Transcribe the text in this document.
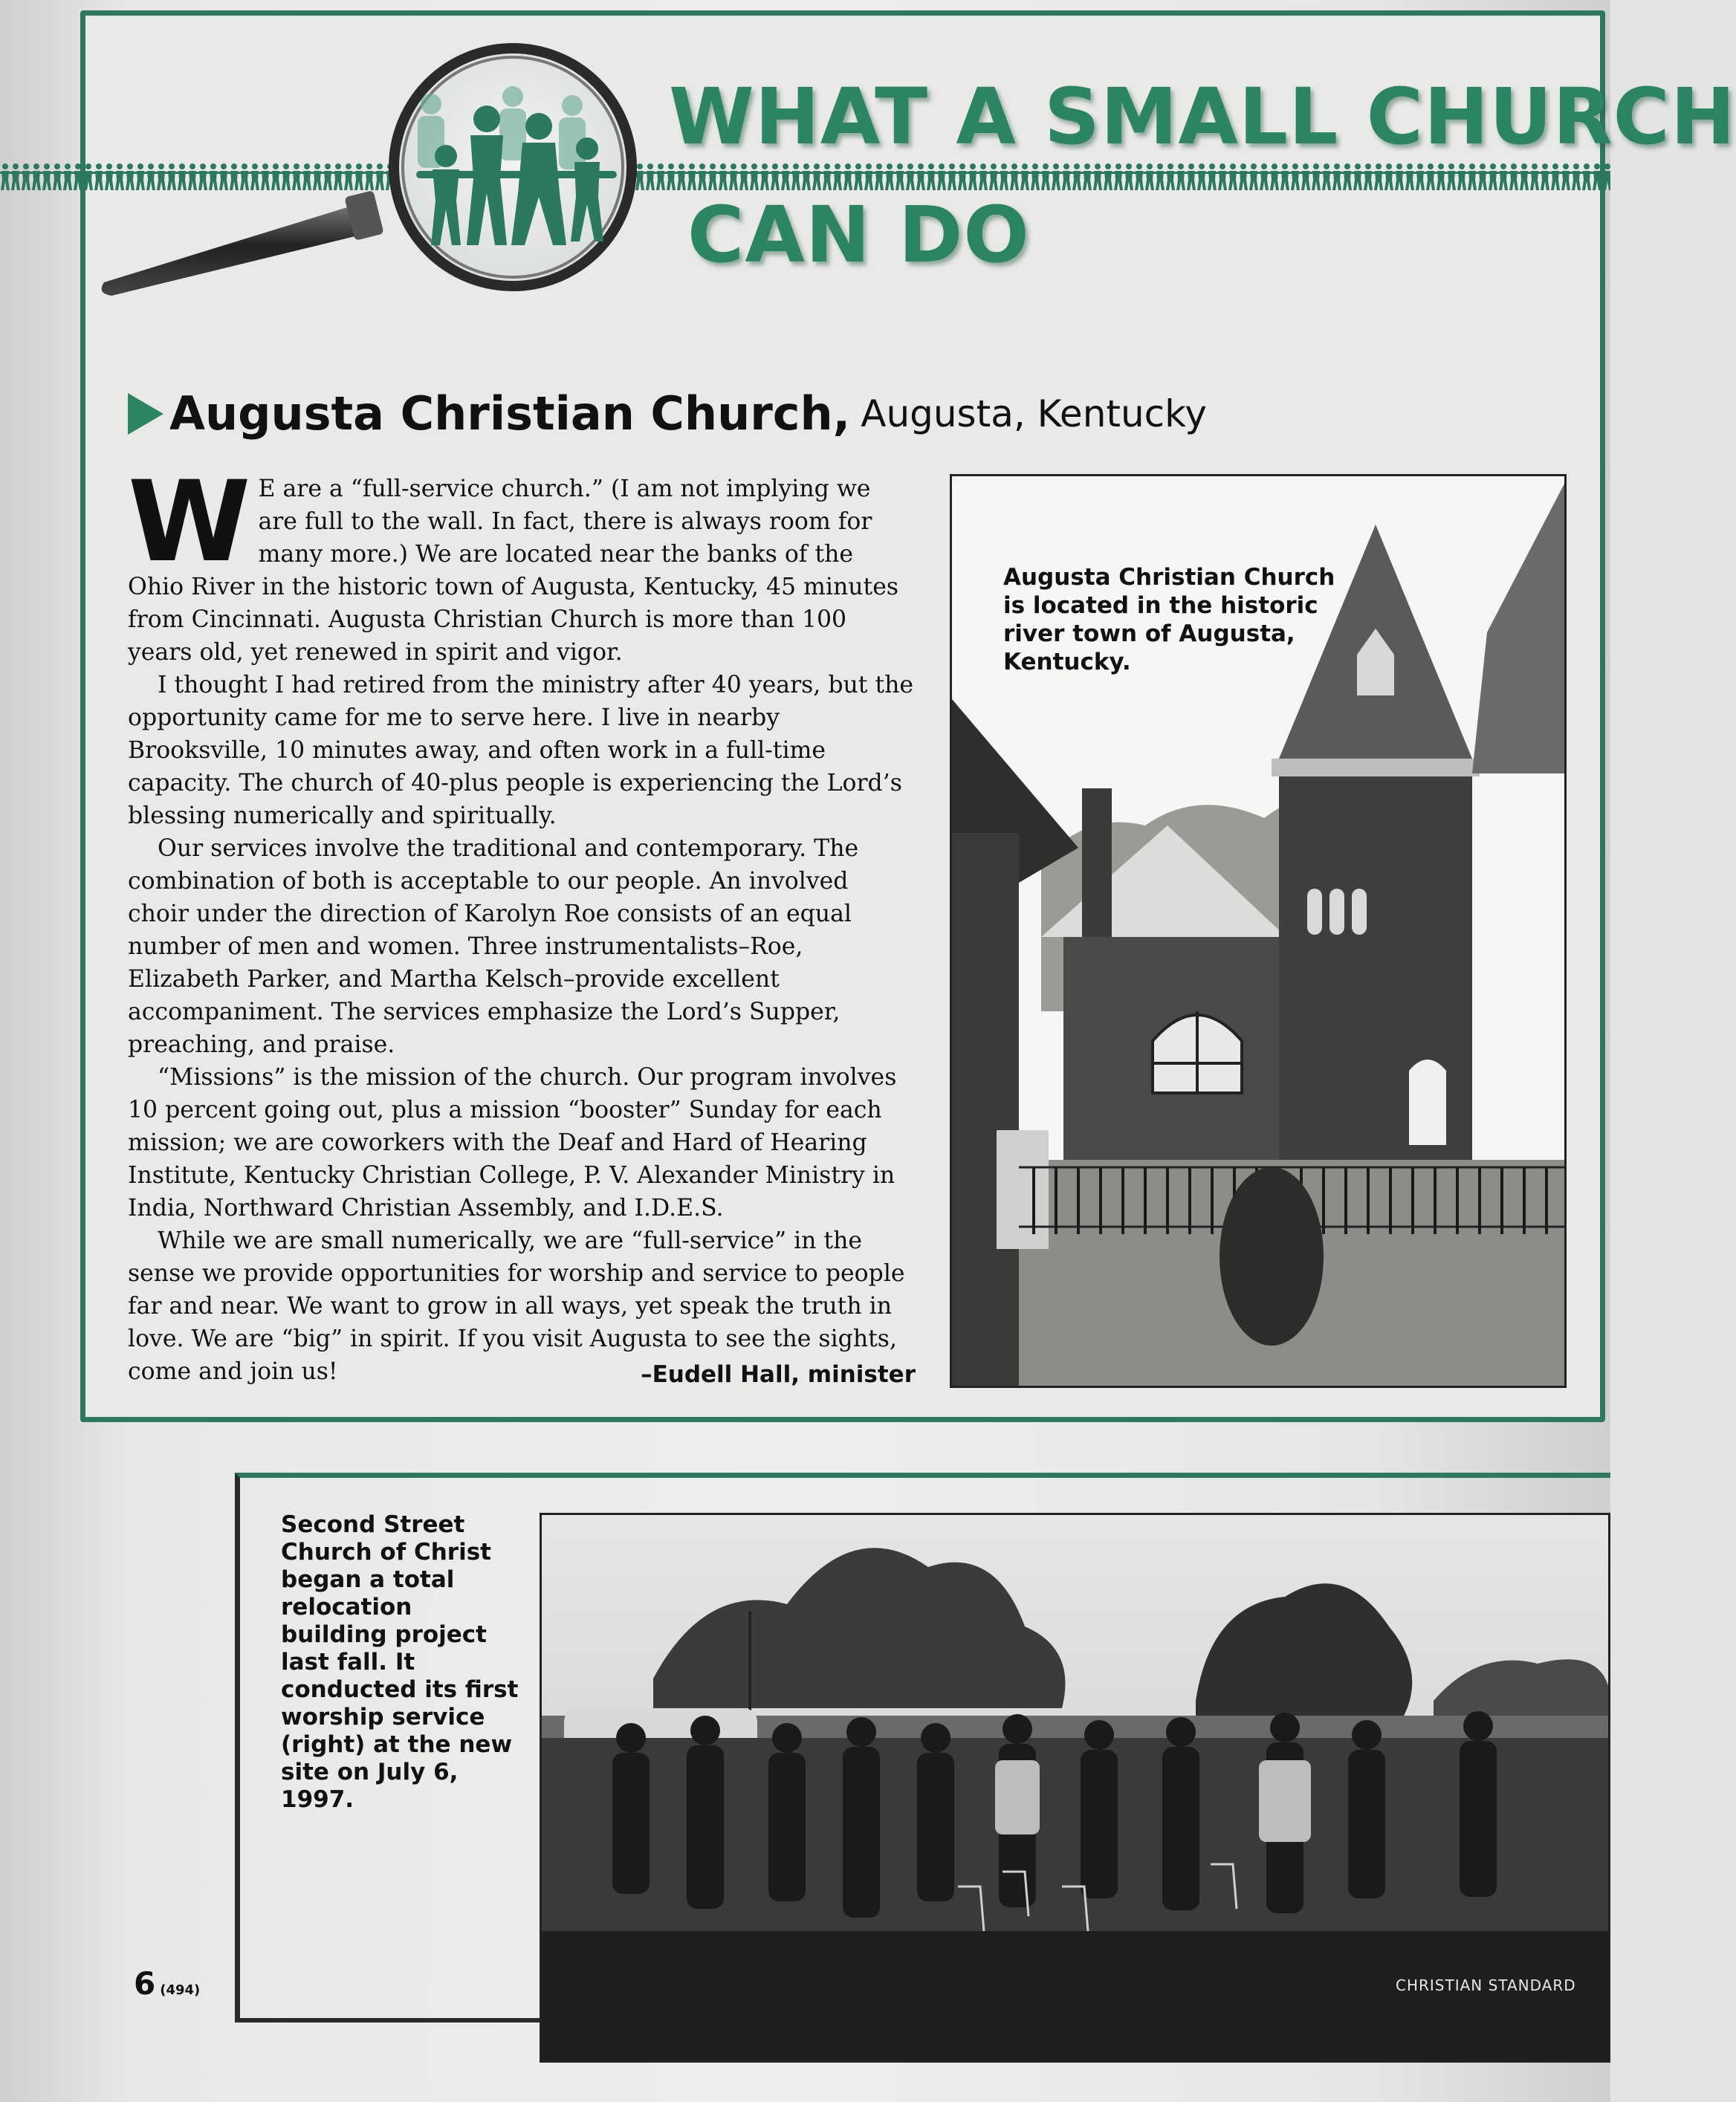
WHAT A SMALL CHURCH
CAN DO
Augusta Christian Church, Augusta, Kentucky

W E are a “full-service church.” (I am not implying we are full to the wall. In fact, there is always room for many more.) We are located near the banks of the Ohio River in the historic town of Augusta, Kentucky, 45 minutes from Cincinnati. Augusta Christian Church is more than 100 years old, yet renewed in spirit and vigor.

I thought I had retired from the ministry after 40 years, but the opportunity came for me to serve here. I live in nearby Brooksville, 10 minutes away, and often work in a full-time capacity. The church of 40-plus people is experiencing the Lord’s blessing numerically and spiritually.

Our services involve the traditional and contemporary. The combination of both is acceptable to our people. An involved choir under the direction of Karolyn Roe consists of an equal number of men and women. Three instrumentalists–Roe, Elizabeth Parker, and Martha Kelsch–provide excellent accompaniment. The services emphasize the Lord’s Supper, preaching, and praise.

“Missions” is the mission of the church. Our program involves 10 percent going out, plus a mission “booster” Sunday for each mission; we are coworkers with the Deaf and Hard of Hearing Institute, Kentucky Christian College, P. V. Alexander Ministry in India, Northward Christian Assembly, and I.D.E.S.

While we are small numerically, we are “full-service” in the sense we provide opportunities for worship and service to people far and near. We want to grow in all ways, yet speak the truth in love. We are “big” in spirit. If you visit Augusta to see the sights, come and join us!	–Eudell Hall, minister
Augusta Christian Church is located in the historic river town of Augusta, Kentucky.
Second Street Church of Christ began a total relocation building project last fall. It conducted its first worship service (right) at the new site on July 6, 1997.
CHRISTIAN STANDARD
6 (494)
